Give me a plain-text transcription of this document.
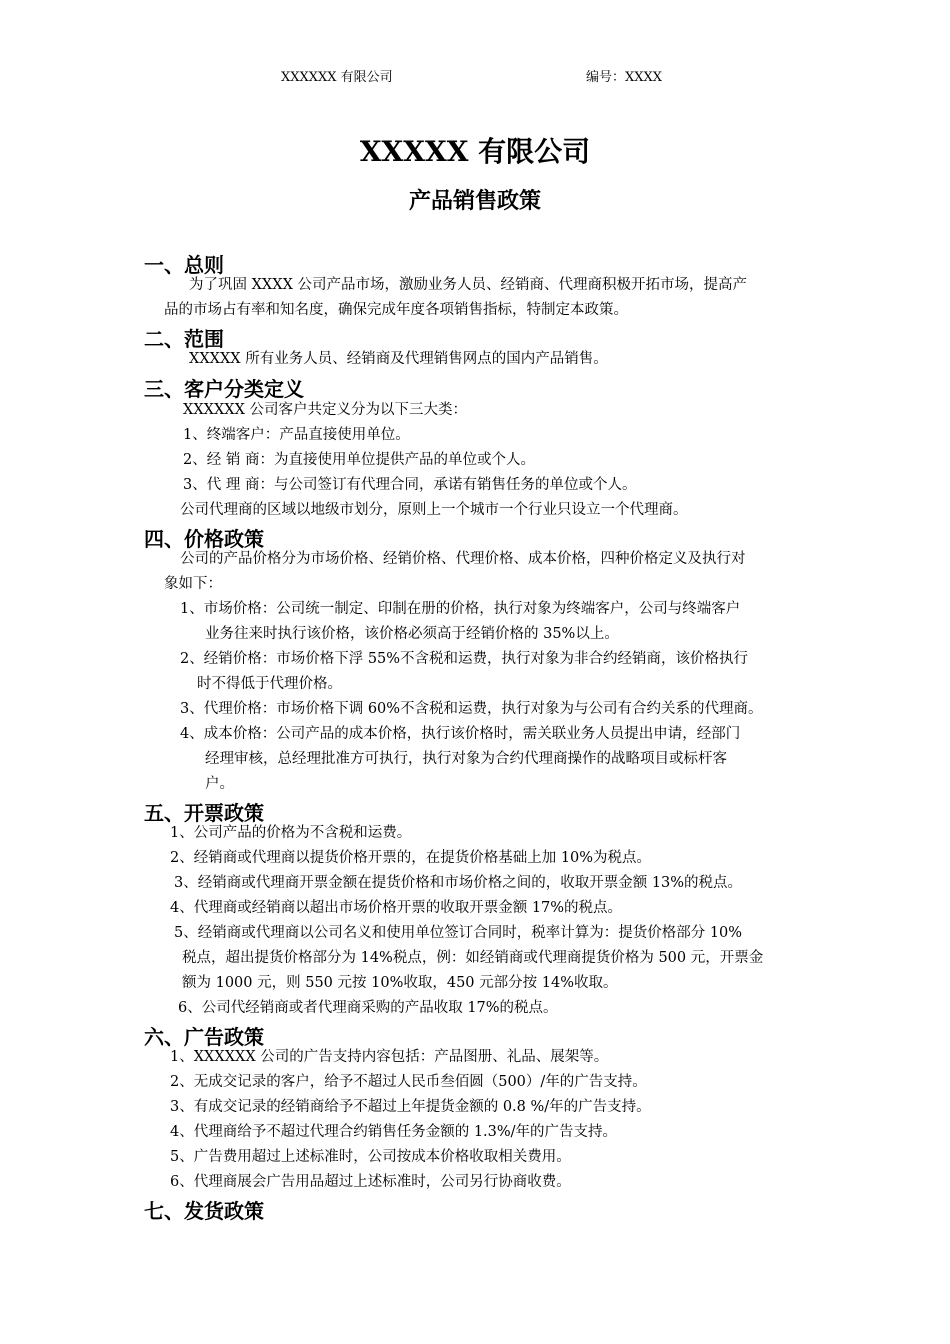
XXXXXX 有限公司	编号：XXXX
XXXXX 有限公司
产品销售政策
一、总则
为了巩固 XXXX 公司产品市场，激励业务人员、经销商、代理商积极开拓市场，提高产
品的市场占有率和知名度，确保完成年度各项销售指标，特制定本政策。
二、范围
XXXXX 所有业务人员、经销商及代理销售网点的国内产品销售。
三、客户分类定义
XXXXXX 公司客户共定义分为以下三大类：
1、终端客户：产品直接使用单位。
2、经 销 商：为直接使用单位提供产品的单位或个人。
3、代 理 商：与公司签订有代理合同，承诺有销售任务的单位或个人。
公司代理商的区域以地级市划分，原则上一个城市一个行业只设立一个代理商。
四、价格政策
公司的产品价格分为市场价格、经销价格、代理价格、成本价格，四种价格定义及执行对
象如下：
1、市场价格：公司统一制定、印制在册的价格，执行对象为终端客户，公司与终端客户
业务往来时执行该价格，该价格必须高于经销价格的 35%以上。
2、经销价格：市场价格下浮 55%不含税和运费，执行对象为非合约经销商，该价格执行
时不得低于代理价格。
3、代理价格：市场价格下调 60%不含税和运费，执行对象为与公司有合约关系的代理商。
4、成本价格：公司产品的成本价格，执行该价格时，需关联业务人员提出申请，经部门
经理审核，总经理批准方可执行，执行对象为合约代理商操作的战略项目或标杆客
户。
五、开票政策
1、公司产品的价格为不含税和运费。
2、经销商或代理商以提货价格开票的，在提货价格基础上加 10%为税点。
3、经销商或代理商开票金额在提货价格和市场价格之间的，收取开票金额 13%的税点。
4、代理商或经销商以超出市场价格开票的收取开票金额 17%的税点。
5、经销商或代理商以公司名义和使用单位签订合同时，税率计算为：提货价格部分 10%
税点，超出提货价格部分为 14%税点，例：如经销商或代理商提货价格为 500 元，开票金
额为 1000 元，则 550 元按 10%收取，450 元部分按 14%收取。
6、公司代经销商或者代理商采购的产品收取 17%的税点。
六、广告政策
1、XXXXXX 公司的广告支持内容包括：产品图册、礼品、展架等。
2、无成交记录的客户，给予不超过人民币叁佰圆（500）/年的广告支持。
3、有成交记录的经销商给予不超过上年提货金额的 0.8 %/年的广告支持。
4、代理商给予不超过代理合约销售任务金额的 1.3%/年的广告支持。
5、广告费用超过上述标准时，公司按成本价格收取相关费用。
6、代理商展会广告用品超过上述标准时，公司另行协商收费。
七、发货政策
